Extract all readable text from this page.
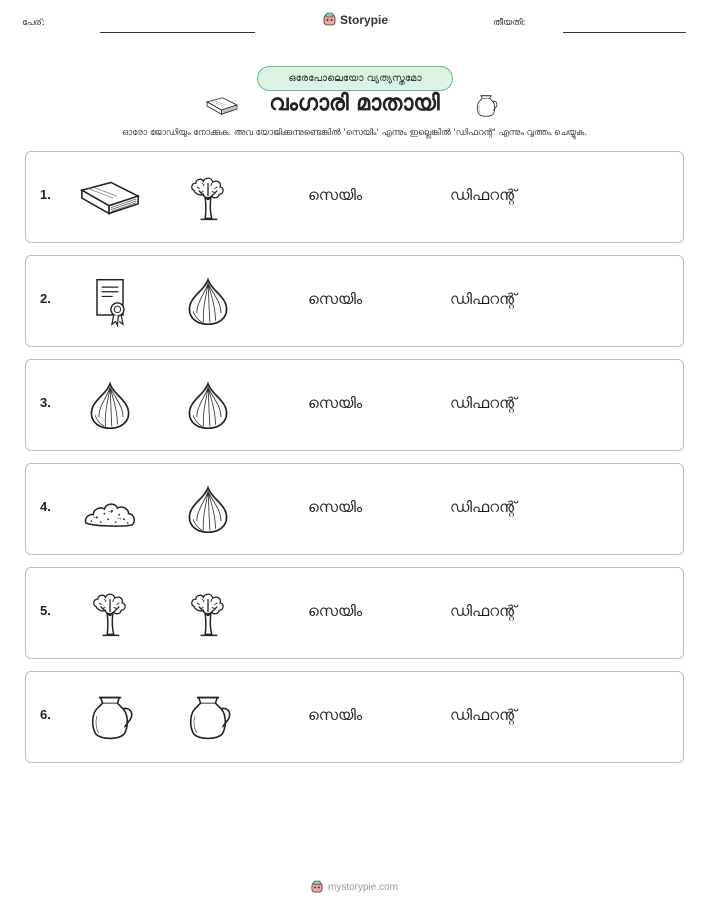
പേര്:	Storypie	തീയതി:
ഒരേപോലെയോ വ്യത്യസ്തമോ
വംഗാരി മാതായി
ഓരോ ജോഡിയും നോക്കുക. അവ യോജിക്കുന്നുണ്ടെങ്കിൽ 'സെയിം' എന്നും ഇല്ലെങ്കിൽ 'ഡിഫറന്റ്' എന്നും വൃത്തം ചെയ്യുക.
1.	സെയിം	ഡിഫറന്റ്
2.	സെയിം	ഡിഫറന്റ്
3.	സെയിം	ഡിഫറന്റ്
4.	സെയിം	ഡിഫറന്റ്
5.	സെയിം	ഡിഫറന്റ്
6.	സെയിം	ഡിഫറന്റ്
mystorypie.com
